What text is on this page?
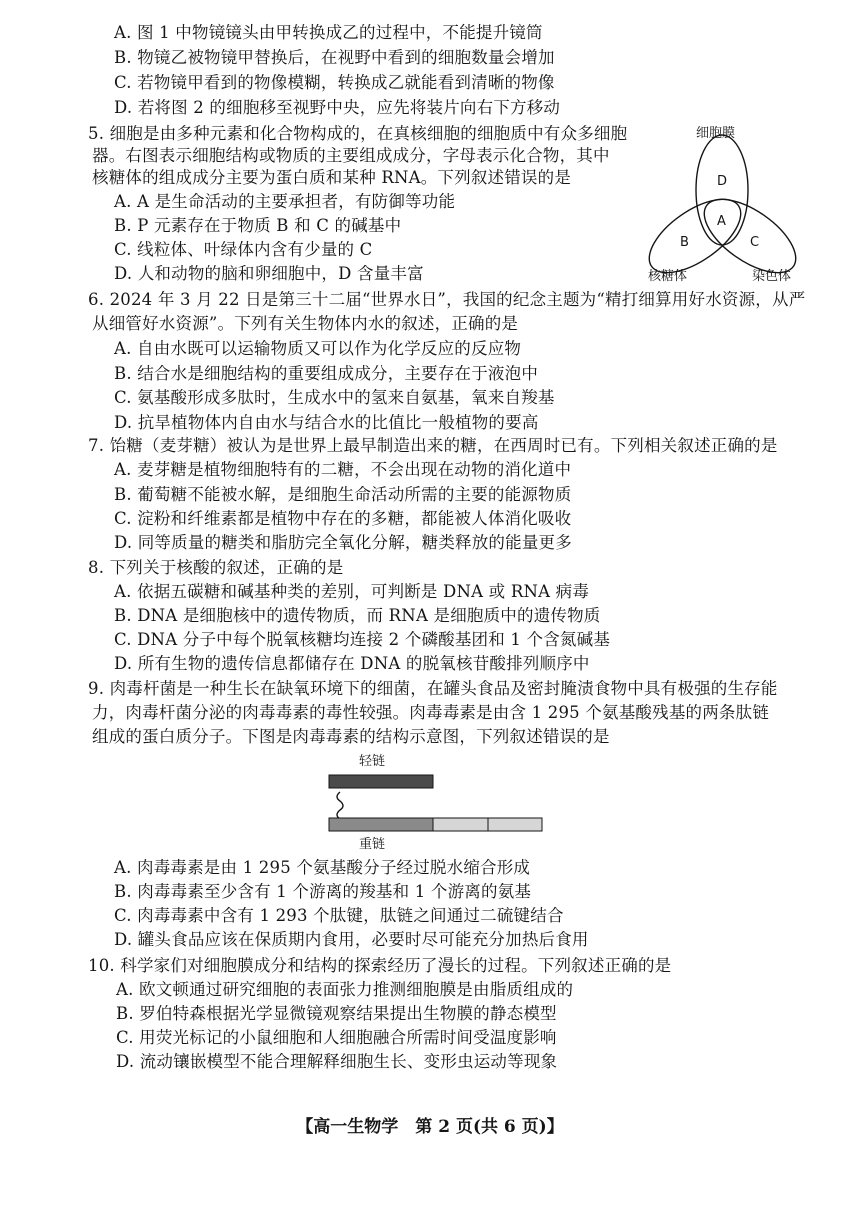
A. 图 1 中物镜镜头由甲转换成乙的过程中，不能提升镜筒
B. 物镜乙被物镜甲替换后，在视野中看到的细胞数量会增加
C. 若物镜甲看到的物像模糊，转换成乙就能看到清晰的物像
D. 若将图 2 的细胞移至视野中央，应先将装片向右下方移动
5. 细胞是由多种元素和化合物构成的，在真核细胞的细胞质中有众多细胞
器。右图表示细胞结构或物质的主要组成成分，字母表示化合物，其中
核糖体的组成成分主要为蛋白质和某种 RNA。下列叙述错误的是
A. A 是生命活动的主要承担者，有防御等功能
B. P 元素存在于物质 B 和 C 的碱基中
C. 线粒体、叶绿体内含有少量的 C
D. 人和动物的脑和卵细胞中，D 含量丰富
细胞膜
D
A
B	C
核糖体	染色体
6. 2024 年 3 月 22 日是第三十二届“世界水日”，我国的纪念主题为“精打细算用好水资源，从严
从细管好水资源”。下列有关生物体内水的叙述，正确的是
A. 自由水既可以运输物质又可以作为化学反应的反应物
B. 结合水是细胞结构的重要组成成分，主要存在于液泡中
C. 氨基酸形成多肽时，生成水中的氢来自氨基，氧来自羧基
D. 抗旱植物体内自由水与结合水的比值比一般植物的要高
7. 饴糖（麦芽糖）被认为是世界上最早制造出来的糖，在西周时已有。下列相关叙述正确的是
A. 麦芽糖是植物细胞特有的二糖，不会出现在动物的消化道中
B. 葡萄糖不能被水解，是细胞生命活动所需的主要的能源物质
C. 淀粉和纤维素都是植物中存在的多糖，都能被人体消化吸收
D. 同等质量的糖类和脂肪完全氧化分解，糖类释放的能量更多
8. 下列关于核酸的叙述，正确的是
A. 依据五碳糖和碱基种类的差别，可判断是 DNA 或 RNA 病毒
B. DNA 是细胞核中的遗传物质，而 RNA 是细胞质中的遗传物质
C. DNA 分子中每个脱氧核糖均连接 2 个磷酸基团和 1 个含氮碱基
D. 所有生物的遗传信息都储存在 DNA 的脱氧核苷酸排列顺序中
9. 肉毒杆菌是一种生长在缺氧环境下的细菌，在罐头食品及密封腌渍食物中具有极强的生存能
力，肉毒杆菌分泌的肉毒毒素的毒性较强。肉毒毒素是由含 1 295 个氨基酸残基的两条肽链
组成的蛋白质分子。下图是肉毒毒素的结构示意图，下列叙述错误的是
轻链
重链
A. 肉毒毒素是由 1 295 个氨基酸分子经过脱水缩合形成
B. 肉毒毒素至少含有 1 个游离的羧基和 1 个游离的氨基
C. 肉毒毒素中含有 1 293 个肽键，肽链之间通过二硫键结合
D. 罐头食品应该在保质期内食用，必要时尽可能充分加热后食用
10. 科学家们对细胞膜成分和结构的探索经历了漫长的过程。下列叙述正确的是
A. 欧文顿通过研究细胞的表面张力推测细胞膜是由脂质组成的
B. 罗伯特森根据光学显微镜观察结果提出生物膜的静态模型
C. 用荧光标记的小鼠细胞和人细胞融合所需时间受温度影响
D. 流动镶嵌模型不能合理解释细胞生长、变形虫运动等现象
【高一生物学　第 2 页(共 6 页)】
